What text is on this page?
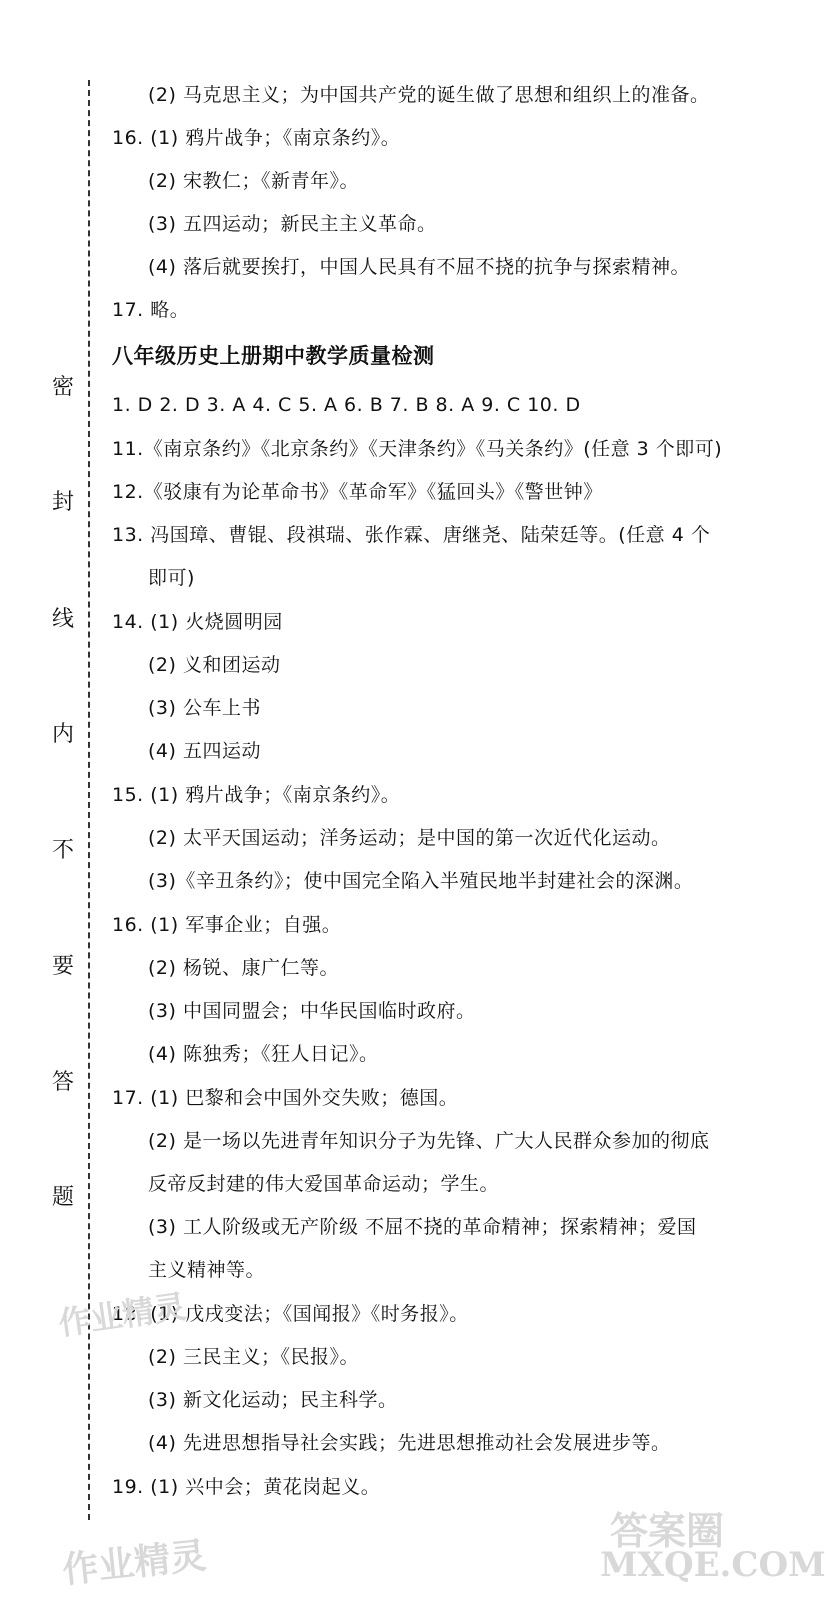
密
封
线
内
不
要
答
题
(2) 马克思主义；为中国共产党的诞生做了思想和组织上的准备。
16. (1) 鸦片战争；《南京条约》。
(2) 宋教仁；《新青年》。
(3) 五四运动；新民主主义革命。
(4) 落后就要挨打，中国人民具有不屈不挠的抗争与探索精神。
17. 略。
八年级历史上册期中教学质量检测
1. D 2. D 3. A 4. C 5. A 6. B 7. B 8. A 9. C 10. D
11.《南京条约》《北京条约》《天津条约》《马关条约》(任意 3 个即可)
12.《驳康有为论革命书》《革命军》《猛回头》《警世钟》
13. 冯国璋、曹锟、段祺瑞、张作霖、唐继尧、陆荣廷等。(任意 4 个
即可)
14. (1) 火烧圆明园
(2) 义和团运动
(3) 公车上书
(4) 五四运动
15. (1) 鸦片战争；《南京条约》。
(2) 太平天国运动；洋务运动；是中国的第一次近代化运动。
(3)《辛丑条约》；使中国完全陷入半殖民地半封建社会的深渊。
16. (1) 军事企业；自强。
(2) 杨锐、康广仁等。
(3) 中国同盟会；中华民国临时政府。
(4) 陈独秀；《狂人日记》。
17. (1) 巴黎和会中国外交失败；德国。
(2) 是一场以先进青年知识分子为先锋、广大人民群众参加的彻底
反帝反封建的伟大爱国革命运动；学生。
(3) 工人阶级或无产阶级 不屈不挠的革命精神；探索精神；爱国
主义精神等。
18. (1) 戊戌变法；《国闻报》《时务报》。
(2) 三民主义；《民报》。
(3) 新文化运动；民主科学。
(4) 先进思想指导社会实践；先进思想推动社会发展进步等。
19. (1) 兴中会；黄花岗起义。
作业精灵
答案圈
MXQE.COM
作业精灵
